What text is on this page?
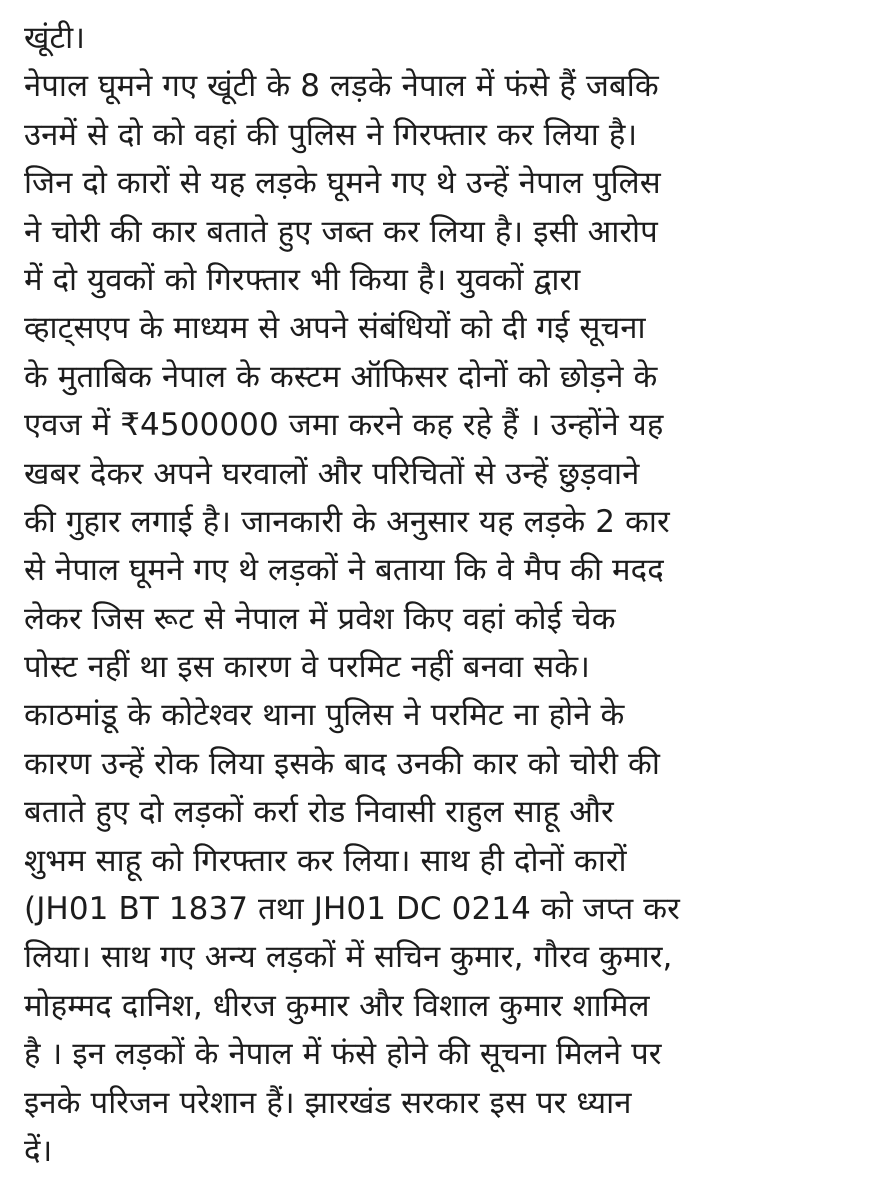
खूंटी।
नेपाल घूमने गए खूंटी के 8 लड़के नेपाल में फंसे हैं जबकि
उनमें से दो को वहां की पुलिस ने गिरफ्तार कर लिया है।
जिन दो कारों से यह लड़के घूमने गए थे उन्हें नेपाल पुलिस
ने चोरी की कार बताते हुए जब्त कर लिया है। इसी आरोप
में दो युवकों को गिरफ्तार भी किया है। युवकों द्वारा
व्हाट्सएप के माध्यम से अपने संबंधियों को दी गई सूचना
के मुताबिक नेपाल के कस्टम ऑफिसर दोनों को छोड़ने के
एवज में ₹4500000 जमा करने कह रहे हैं । उन्होंने यह
खबर देकर अपने घरवालों और परिचितों से उन्हें छुड़वाने
की गुहार लगाई है। जानकारी के अनुसार यह लड़के 2 कार
से नेपाल घूमने गए थे लड़कों ने बताया कि वे मैप की मदद
लेकर जिस रूट से नेपाल में प्रवेश किए वहां कोई चेक
पोस्ट नहीं था इस कारण वे परमिट नहीं बनवा सके।
काठमांडू के कोटेश्वर थाना पुलिस ने परमिट ना होने के
कारण उन्हें रोक लिया इसके बाद उनकी कार को चोरी की
बताते हुए दो लड़कों कर्रा रोड निवासी राहुल साहू और
शुभम साहू को गिरफ्तार कर लिया। साथ ही दोनों कारों
(JH01 BT 1837 तथा JH01 DC 0214 को जप्त कर
लिया। साथ गए अन्य लड़कों में सचिन कुमार, गौरव कुमार,
मोहम्मद दानिश, धीरज कुमार और विशाल कुमार शामिल
है । इन लड़कों के नेपाल में फंसे होने की सूचना मिलने पर
इनके परिजन परेशान हैं। झारखंड सरकार इस पर ध्यान
दें।
